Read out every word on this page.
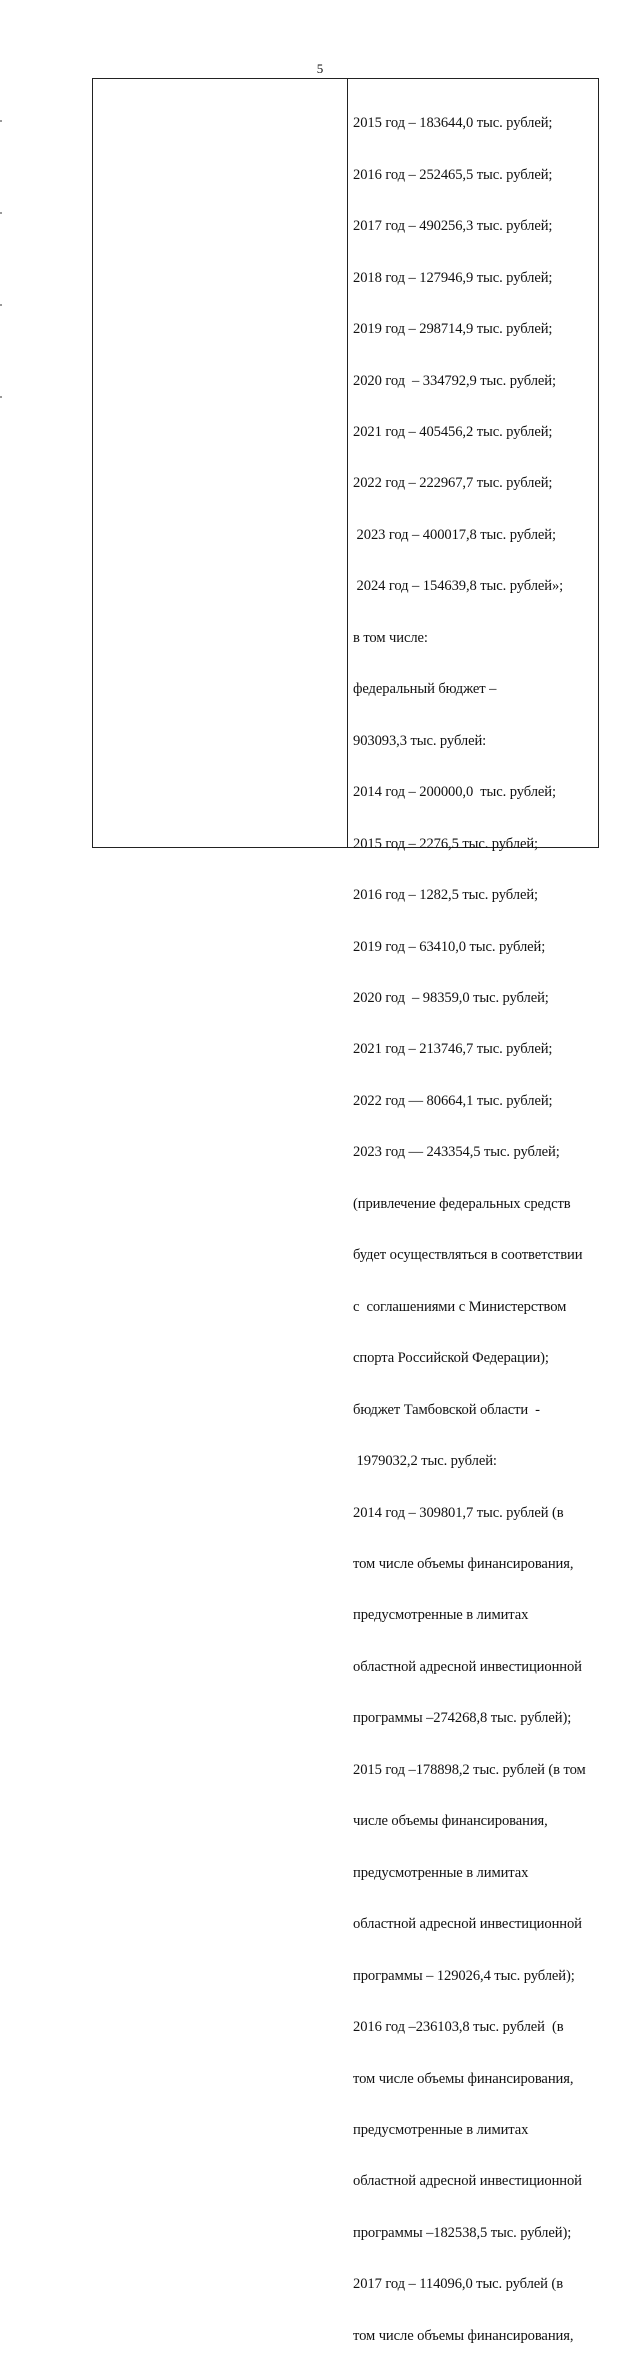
5

2015 год – 183644,0 тыс. рублей;

2016 год – 252465,5 тыс. рублей;

2017 год – 490256,3 тыс. рублей;

2018 год – 127946,9 тыс. рублей;

2019 год – 298714,9 тыс. рублей;

2020 год  – 334792,9 тыс. рублей;

2021 год – 405456,2 тыс. рублей;

2022 год – 222967,7 тыс. рублей;

2023 год – 400017,8 тыс. рублей;

2024 год – 154639,8 тыс. рублей»;

в том числе:

федеральный бюджет –

903093,3 тыс. рублей:

2014 год – 200000,0  тыс. рублей;

2015 год – 2276,5 тыс. рублей;

2016 год – 1282,5 тыс. рублей;

2019 год – 63410,0 тыс. рублей;

2020 год  – 98359,0 тыс. рублей;

2021 год – 213746,7 тыс. рублей;

2022 год — 80664,1 тыс. рублей;

2023 год — 243354,5 тыс. рублей;

(привлечение федеральных средств

будет осуществляться в соответствии

с  соглашениями с Министерством

спорта Российской Федерации);

бюджет Тамбовской области  -

1979032,2 тыс. рублей:

2014 год – 309801,7 тыс. рублей (в

том числе объемы финансирования,

предусмотренные в лимитах

областной адресной инвестиционной

программы –274268,8 тыс. рублей);

2015 год –178898,2 тыс. рублей (в том

числе объемы финансирования,

предусмотренные в лимитах

областной адресной инвестиционной

программы – 129026,4 тыс. рублей);

2016 год –236103,8 тыс. рублей  (в

том числе объемы финансирования,

предусмотренные в лимитах

областной адресной инвестиционной

программы –182538,5 тыс. рублей);

2017 год – 114096,0 тыс. рублей (в

том числе объемы финансирования,
